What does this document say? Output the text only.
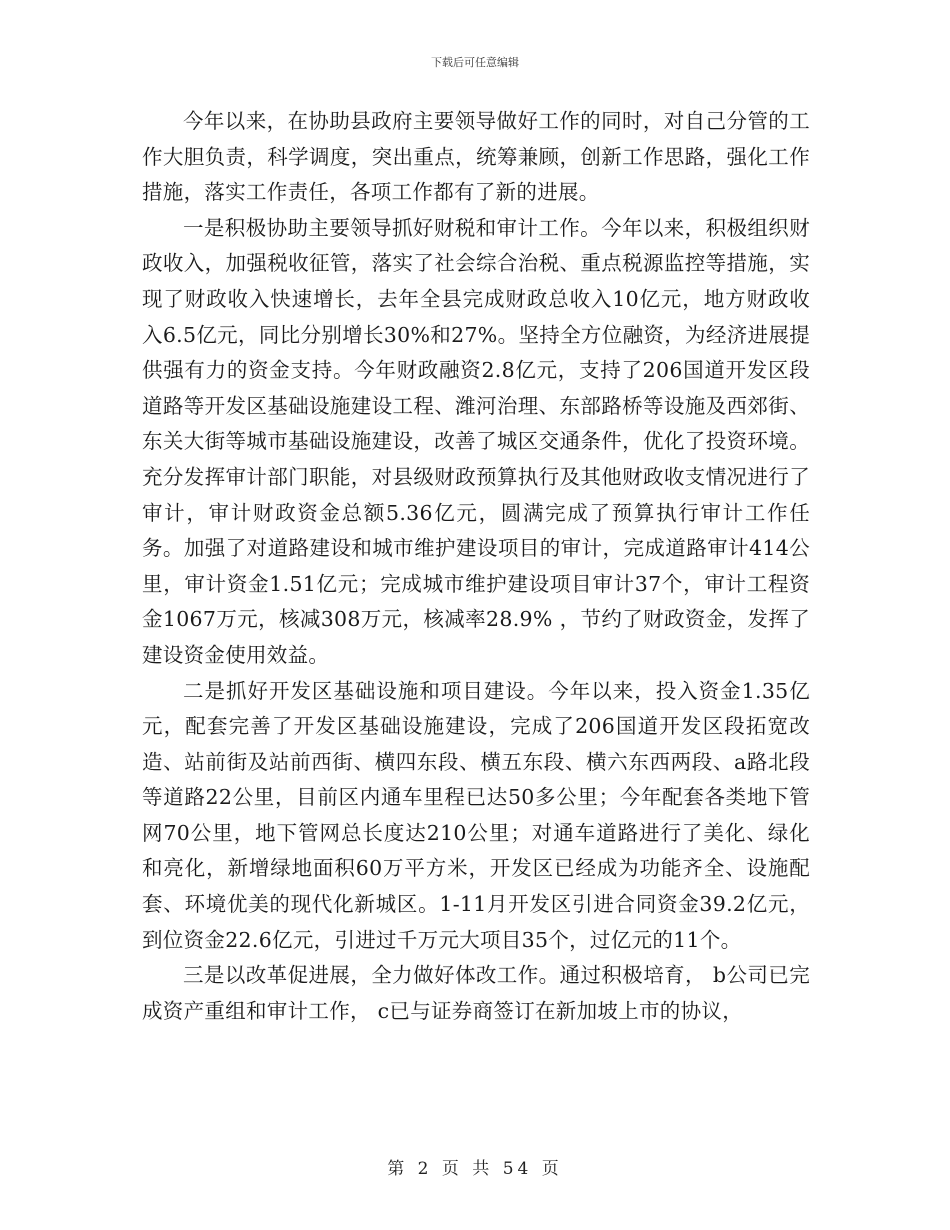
下载后可任意编辑

今年以来，在协助县政府主要领导做好工作的同时，对自己分管的工作大胆负责，科学调度，突出重点，统筹兼顾，创新工作思路，强化工作措施，落实工作责任，各项工作都有了新的进展。

一是积极协助主要领导抓好财税和审计工作。今年以来，积极组织财政收入，加强税收征管，落实了社会综合治税、重点税源监控等措施，实现了财政收入快速增长，去年全县完成财政总收入10亿元，地方财政收入6.5亿元，同比分别增长30%和27%。坚持全方位融资，为经济进展提供强有力的资金支持。今年财政融资2.8亿元，支持了206国道开发区段道路等开发区基础设施建设工程、潍河治理、东部路桥等设施及西郊街、东关大街等城市基础设施建设，改善了城区交通条件，优化了投资环境。充分发挥审计部门职能，对县级财政预算执行及其他财政收支情况进行了审计，审计财政资金总额5.36亿元，圆满完成了预算执行审计工作任务。加强了对道路建设和城市维护建设项目的审计，完成道路审计414公里，审计资金1.51亿元；完成城市维护建设项目审计37个，审计工程资金1067万元，核减308万元，核减率28.9% ，节约了财政资金，发挥了建设资金使用效益。

二是抓好开发区基础设施和项目建设。今年以来，投入资金1.35亿元，配套完善了开发区基础设施建设，完成了206国道开发区段拓宽改造、站前街及站前西街、横四东段、横五东段、横六东西两段、a路北段等道路22公里，目前区内通车里程已达50多公里；今年配套各类地下管网70公里，地下管网总长度达210公里；对通车道路进行了美化、绿化和亮化，新增绿地面积60万平方米，开发区已经成为功能齐全、设施配套、环境优美的现代化新城区。1-11月开发区引进合同资金39.2亿元，到位资金22.6亿元，引进过千万元大项目35个，过亿元的11个。

三是以改革促进展，全力做好体改工作。通过积极培育， b公司已完成资产重组和审计工作， c已与证券商签订在新加坡上市的协议，

第 2 页 共 54 页
